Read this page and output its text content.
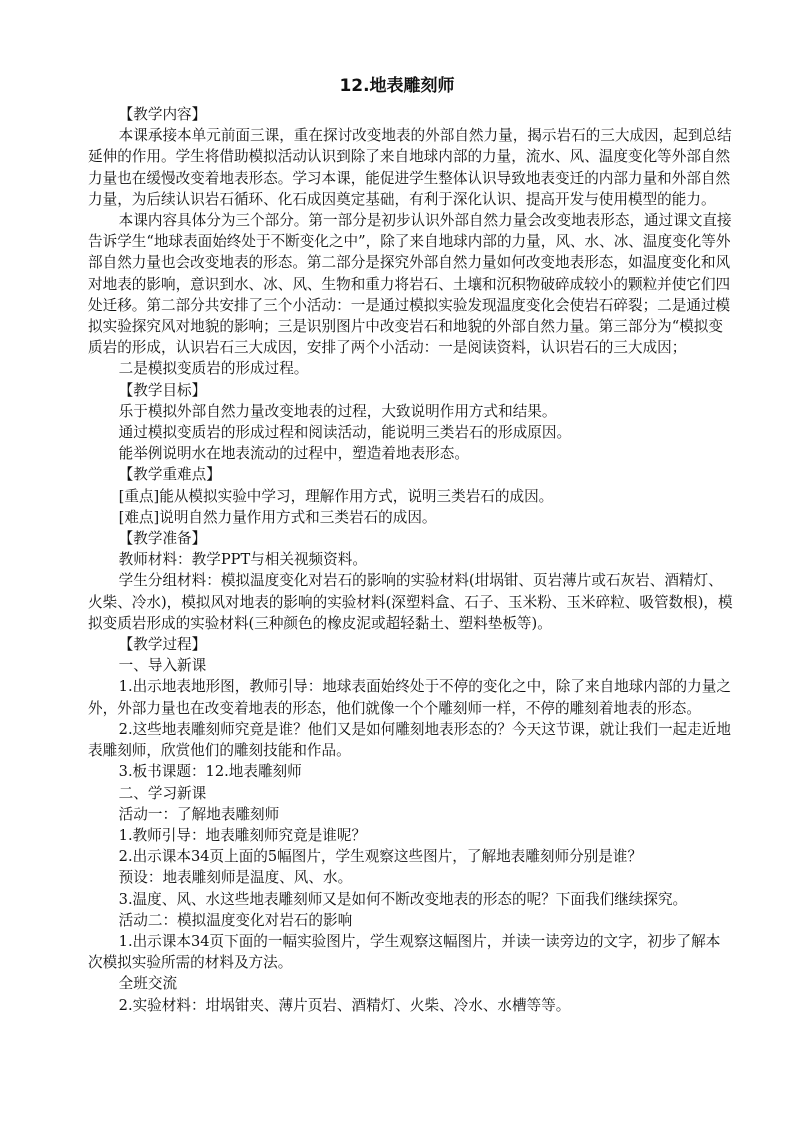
12.地表雕刻师

【教学内容】

本课承接本单元前面三课，重在探讨改变地表的外部自然力量，揭示岩石的三大成因，起到总结延伸的作用。学生将借助模拟活动认识到除了来自地球内部的力量，流水、风、温度变化等外部自然力量也在缓慢改变着地表形态。学习本课，能促进学生整体认识导致地表变迁的内部力量和外部自然力量，为后续认识岩石循环、化石成因奠定基础，有利于深化认识、提高开发与使用模型的能力。

本课内容具体分为三个部分。第一部分是初步认识外部自然力量会改变地表形态，通过课文直接告诉学生“地球表面始终处于不断变化之中”，除了来自地球内部的力量，风、水、冰、温度变化等外部自然力量也会改变地表的形态。第二部分是探究外部自然力量如何改变地表形态，如温度变化和风对地表的影响，意识到水、冰、风、生物和重力将岩石、土壤和沉积物破碎成较小的颗粒并使它们四处迁移。第二部分共安排了三个小活动：一是通过模拟实验发现温度变化会使岩石碎裂；二是通过模拟实验探究风对地貌的影响；三是识别图片中改变岩石和地貌的外部自然力量。第三部分为“模拟变质岩的形成，认识岩石三大成因，安排了两个小活动：一是阅读资料，认识岩石的三大成因；

二是模拟变质岩的形成过程。

【教学目标】

乐于模拟外部自然力量改变地表的过程，大致说明作用方式和结果。

通过模拟变质岩的形成过程和阅读活动，能说明三类岩石的形成原因。

能举例说明水在地表流动的过程中，塑造着地表形态。

【教学重难点】

[重点]能从模拟实验中学习，理解作用方式，说明三类岩石的成因。

[难点]说明自然力量作用方式和三类岩石的成因。

【教学准备】

教师材料：教学PPT与相关视频资料。

学生分组材料：模拟温度变化对岩石的影响的实验材料(坩埚钳、页岩薄片或石灰岩、酒精灯、火柴、冷水)，模拟风对地表的影响的实验材料(深塑料盒、石子、玉米粉、玉米碎粒、吸管数根)，模拟变质岩形成的实验材料(三种颜色的橡皮泥或超轻黏土、塑料垫板等)。

【教学过程】

一、导入新课

1.出示地表地形图，教师引导：地球表面始终处于不停的变化之中，除了来自地球内部的力量之外，外部力量也在改变着地表的形态，他们就像一个个雕刻师一样，不停的雕刻着地表的形态。

2.这些地表雕刻师究竟是谁？他们又是如何雕刻地表形态的？今天这节课，就让我们一起走近地表雕刻师，欣赏他们的雕刻技能和作品。

3.板书课题：12.地表雕刻师

二、学习新课

活动一：了解地表雕刻师

1.教师引导：地表雕刻师究竟是谁呢？

2.出示课本34页上面的5幅图片，学生观察这些图片，了解地表雕刻师分别是谁？

预设：地表雕刻师是温度、风、水。

3.温度、风、水这些地表雕刻师又是如何不断改变地表的形态的呢？下面我们继续探究。

活动二：模拟温度变化对岩石的影响

1.出示课本34页下面的一幅实验图片，学生观察这幅图片，并读一读旁边的文字，初步了解本次模拟实验所需的材料及方法。

全班交流

2.实验材料：坩埚钳夹、薄片页岩、酒精灯、火柴、冷水、水槽等等。
